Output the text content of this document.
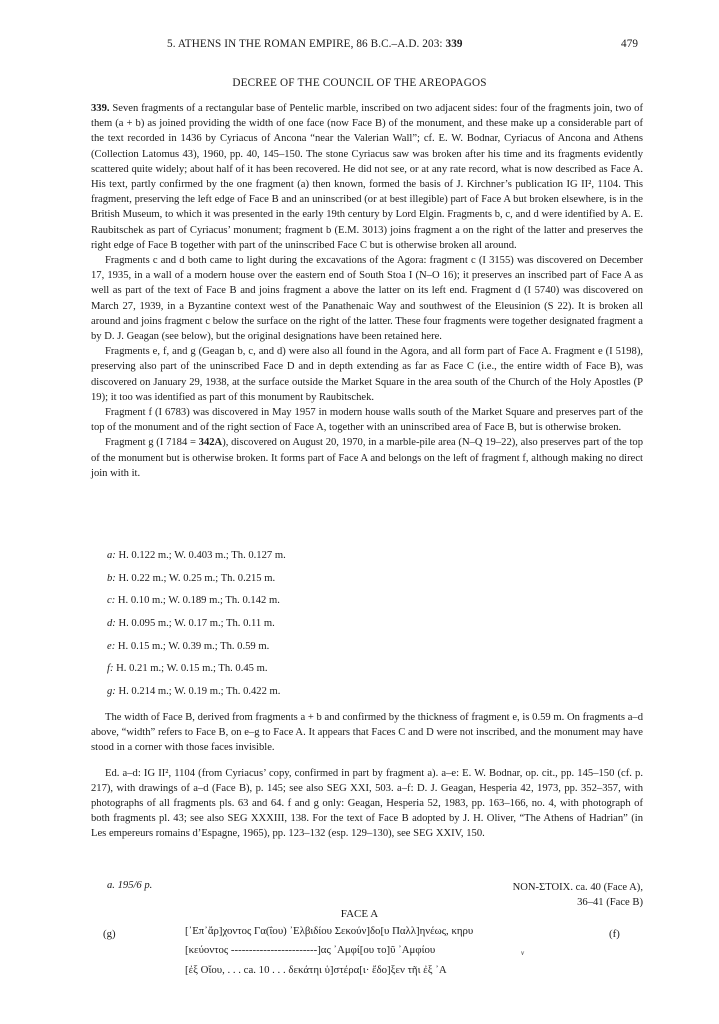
5. ATHENS IN THE ROMAN EMPIRE, 86 B.C.–A.D. 203: 339	479
DECREE OF THE COUNCIL OF THE AREOPAGOS

339. Seven fragments of a rectangular base of Pentelic marble, inscribed on two adjacent sides: four of the fragments join, two of them (a + b) as joined providing the width of one face (now Face B) of the monument, and these make up a considerable part of the text recorded in 1436 by Cyriacus of Ancona “near the Valerian Wall”; cf. E. W. Bodnar, Cyriacus of Ancona and Athens (Collection Latomus 43), 1960, pp. 40, 145–150. The stone Cyriacus saw was broken after his time and its fragments evidently scattered quite widely; about half of it has been recovered. He did not see, or at any rate record, what is now described as Face A. His text, partly confirmed by the one fragment (a) then known, formed the basis of J. Kirchner’s publication IG II², 1104. This fragment, preserving the left edge of Face B and an uninscribed (or at best illegible) part of Face A but broken elsewhere, is in the British Museum, to which it was presented in the early 19th century by Lord Elgin. Fragments b, c, and d were identified by A. E. Raubitschek as part of Cyriacus’ monument; fragment b (E.M. 3013) joins fragment a on the right of the latter and preserves the right edge of Face B together with part of the uninscribed Face C but is otherwise broken all around.

Fragments c and d both came to light during the excavations of the Agora: fragment c (I 3155) was discovered on December 17, 1935, in a wall of a modern house over the eastern end of South Stoa I (N–O 16); it preserves an inscribed part of Face A as well as part of the text of Face B and joins fragment a above the latter on its left end. Fragment d (I 5740) was discovered on March 27, 1939, in a Byzantine context west of the Panathenaic Way and southwest of the Eleusinion (S 22). It is broken all around and joins fragment c below the surface on the right of the latter. These four fragments were together designated fragment a by D. J. Geagan (see below), but the original designations have been retained here.

Fragments e, f, and g (Geagan b, c, and d) were also all found in the Agora, and all form part of Face A. Fragment e (I 5198), preserving also part of the uninscribed Face D and in depth extending as far as Face C (i.e., the entire width of Face B), was discovered on January 29, 1938, at the surface outside the Market Square in the area south of the Church of the Holy Apostles (P 19); it too was identified as part of this monument by Raubitschek.

Fragment f (I 6783) was discovered in May 1957 in modern house walls south of the Market Square and preserves part of the top of the monument and of the right section of Face A, together with an uninscribed area of Face B, but is otherwise broken.

Fragment g (I 7184 = 342A), discovered on August 20, 1970, in a marble-pile area (N–Q 19–22), also preserves part of the top of the monument but is otherwise broken. It forms part of Face A and belongs on the left of fragment f, although making no direct join with it.

a: H. 0.122 m.; W. 0.403 m.; Th. 0.127 m.
b: H. 0.22 m.; W. 0.25 m.; Th. 0.215 m.
c: H. 0.10 m.; W. 0.189 m.; Th. 0.142 m.
d: H. 0.095 m.; W. 0.17 m.; Th. 0.11 m.
e: H. 0.15 m.; W. 0.39 m.; Th. 0.59 m.
f: H. 0.21 m.; W. 0.15 m.; Th. 0.45 m.
g: H. 0.214 m.; W. 0.19 m.; Th. 0.422 m.

The width of Face B, derived from fragments a + b and confirmed by the thickness of fragment e, is 0.59 m. On fragments a–d above, “width” refers to Face B, on e–g to Face A. It appears that Faces C and D were not inscribed, and the monument may have stood in a corner with those faces invisible.

Ed. a–d: IG II², 1104 (from Cyriacus’ copy, confirmed in part by fragment a). a–e: E. W. Bodnar, op. cit., pp. 145–150 (cf. p. 217), with drawings of a–d (Face B), p. 145; see also SEG XXI, 503. a–f: D. J. Geagan, Hesperia 42, 1973, pp. 352–357, with photographs of all fragments pls. 63 and 64. f and g only: Geagan, Hesperia 52, 1983, pp. 163–166, no. 4, with photograph of both fragments pl. 43; see also SEG XXXIII, 138. For the text of Face B adopted by J. H. Oliver, “The Athens of Hadrian” (in Les empereurs romains d’Espagne, 1965), pp. 123–132 (esp. 129–130), see SEG XXIV, 150.

a. 195/6 p.	NON-ΣΤΟΙΧ. ca. 40 (Face A),
36–41 (Face B)
FACE A
(g)	(f)
[᾿Επ᾿ἄρ]χοντος Γα(ΐου) ᾿Ελβιδίου Σεκούν]δο[υ Παλλ]ηνέως, κηρυ
[κεύοντος ------------------------]ας ᾿Αμφί[ου το]ῦ ᾿Αμφίου	v
[ἐξ Οἴου, . . . ca. 10 . . . δεκάτηι ὑ]στέρα[ι· ἔδο]ξεν τῆι ἐξ ᾿Α
